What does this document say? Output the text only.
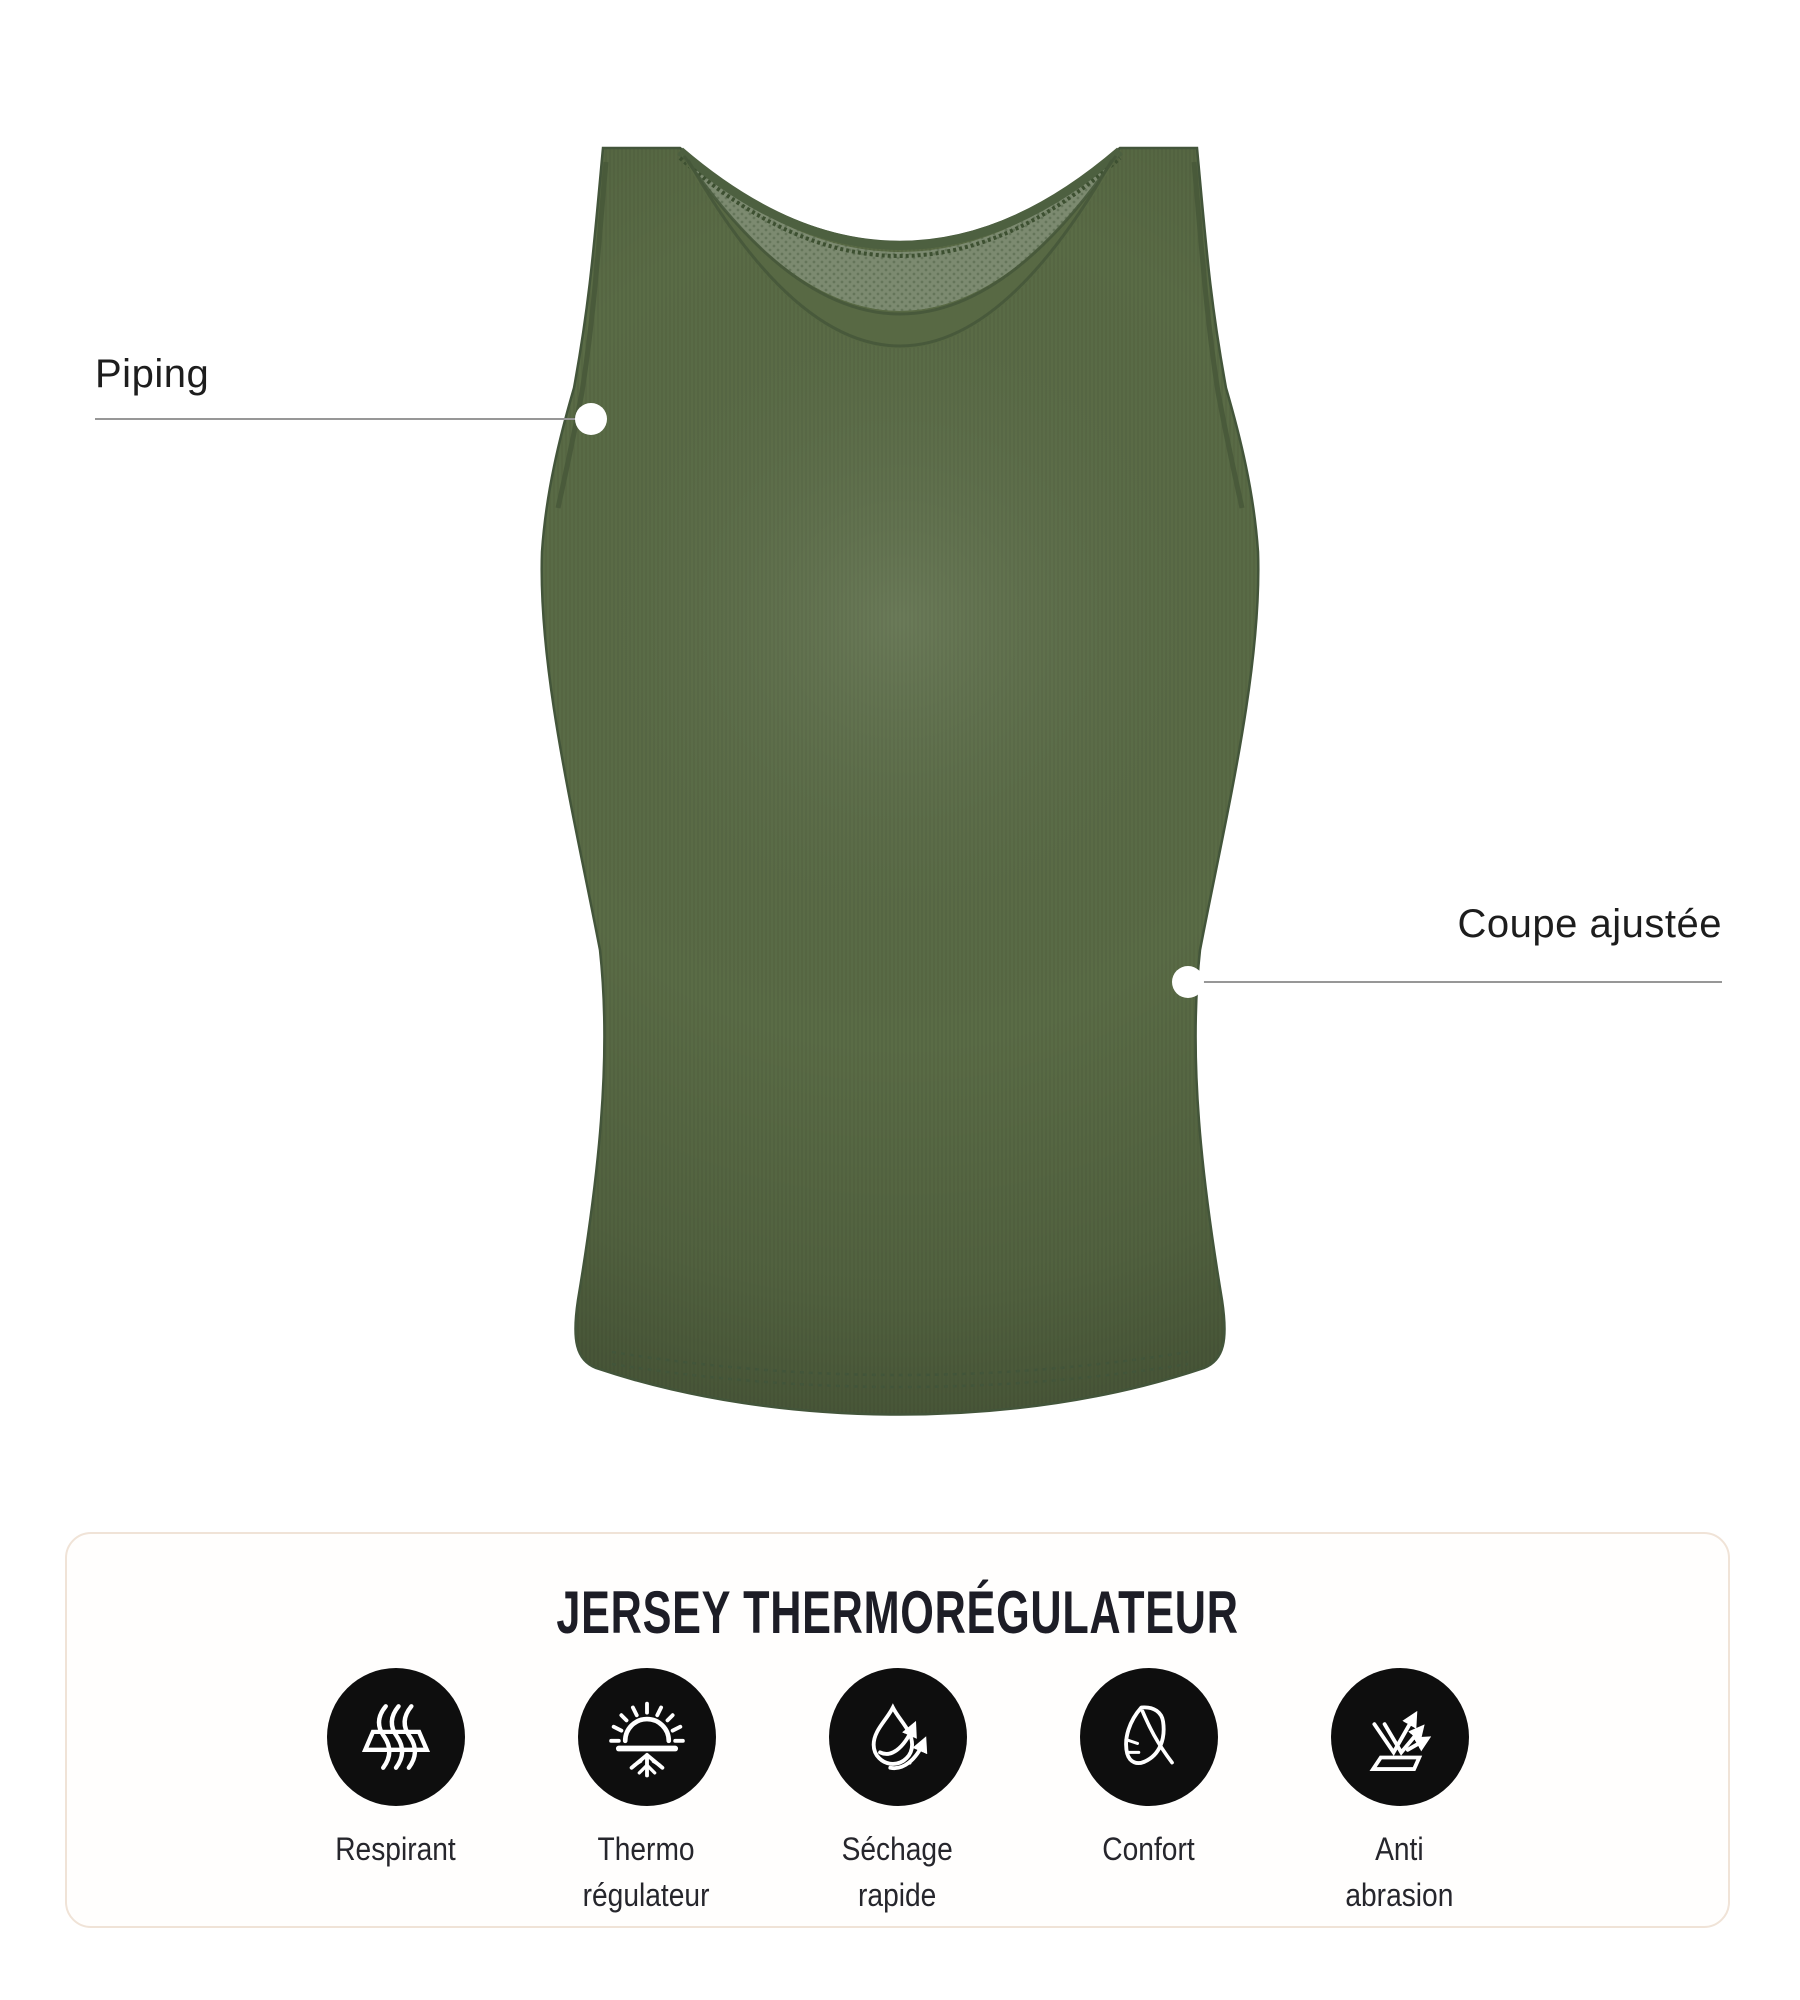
Piping
Coupe ajustée
JERSEY THERMORÉGULATEUR
Respirant	Thermo
régulateur
Séchage
rapide
Confort	Anti
abrasion
